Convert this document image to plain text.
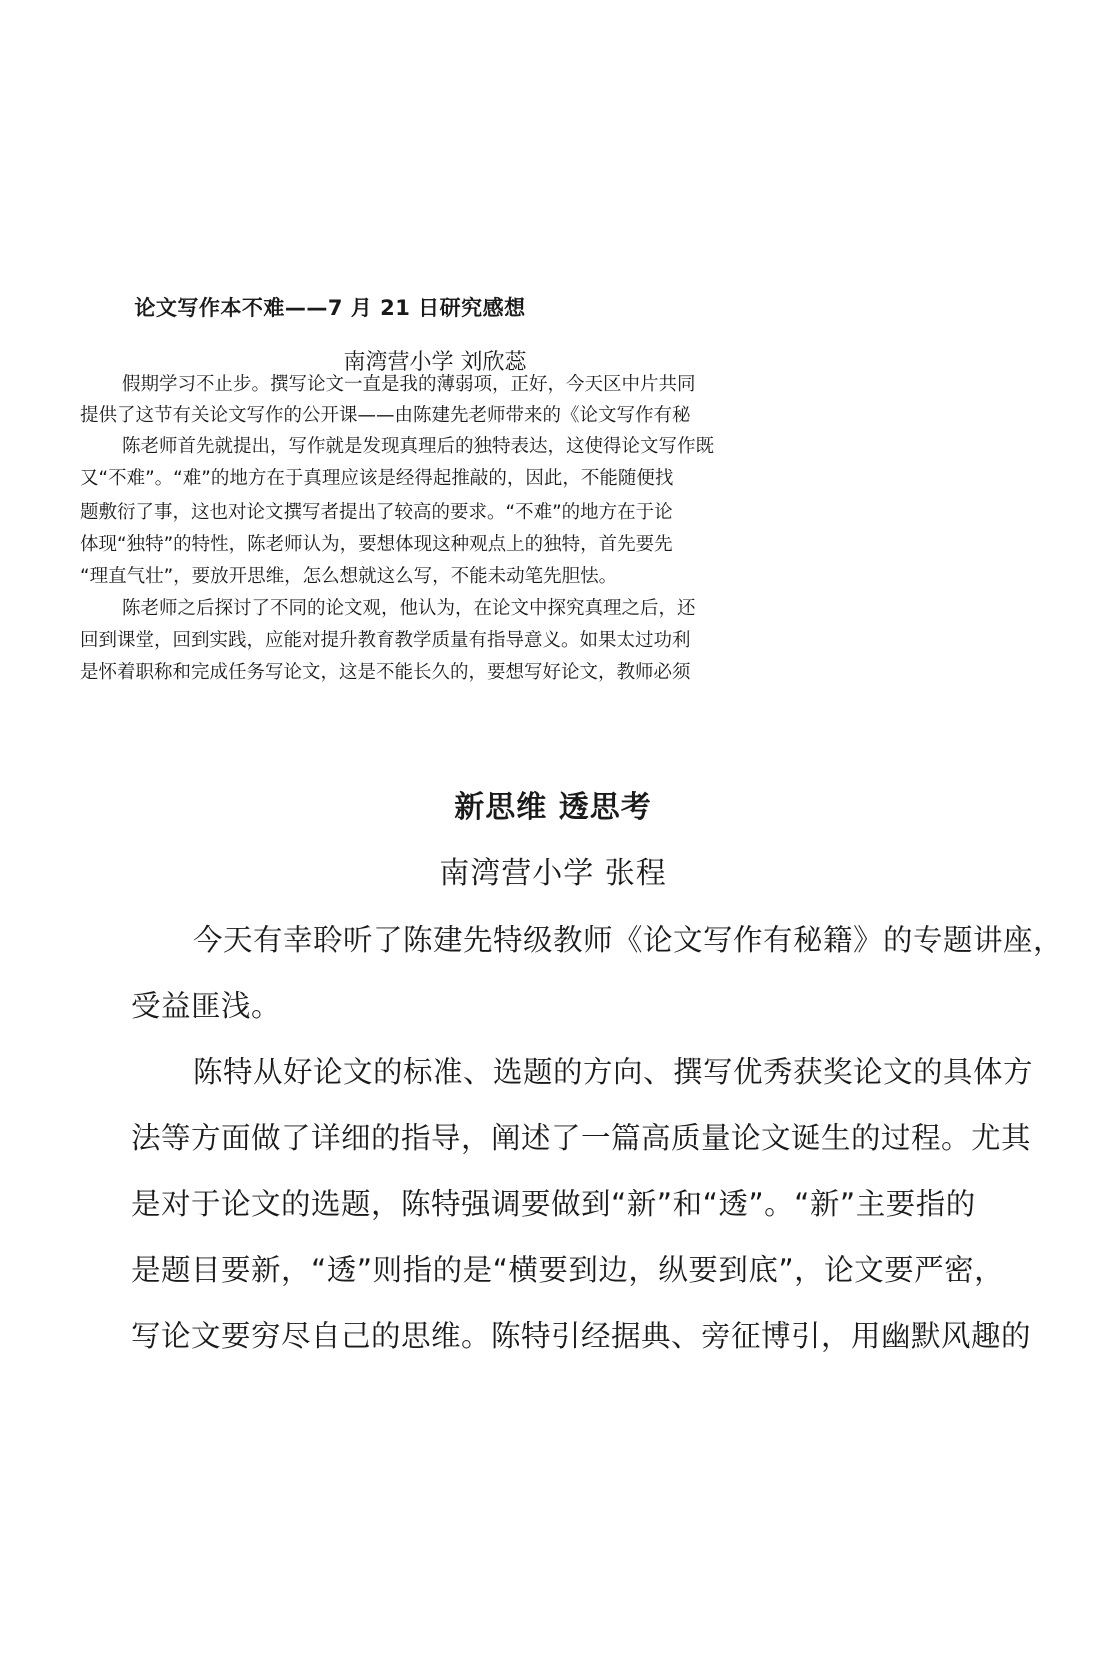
论文写作本不难——7 月 21 日研究感想
南湾营小学 刘欣蕊
假期学习不止步。撰写论文一直是我的薄弱项，正好，今天区中片共同
提供了这节有关论文写作的公开课——由陈建先老师带来的《论文写作有秘
陈老师首先就提出，写作就是发现真理后的独特表达，这使得论文写作既
又“不难”。“难”的地方在于真理应该是经得起推敲的，因此，不能随便找
题敷衍了事，这也对论文撰写者提出了较高的要求。“不难”的地方在于论
体现“独特”的特性，陈老师认为，要想体现这种观点上的独特，首先要先
“理直气壮”，要放开思维，怎么想就这么写，不能未动笔先胆怯。
陈老师之后探讨了不同的论文观，他认为，在论文中探究真理之后，还
回到课堂，回到实践，应能对提升教育教学质量有指导意义。如果太过功利
是怀着职称和完成任务写论文，这是不能长久的，要想写好论文，教师必须
新思维 透思考
南湾营小学 张程
今天有幸聆听了陈建先特级教师《论文写作有秘籍》的专题讲座，
受益匪浅。
陈特从好论文的标准、选题的方向、撰写优秀获奖论文的具体方
法等方面做了详细的指导，阐述了一篇高质量论文诞生的过程。尤其
是对于论文的选题，陈特强调要做到“新”和“透”。“新”主要指的
是题目要新，“透”则指的是“横要到边，纵要到底”，论文要严密，
写论文要穷尽自己的思维。陈特引经据典、旁征博引，用幽默风趣的
